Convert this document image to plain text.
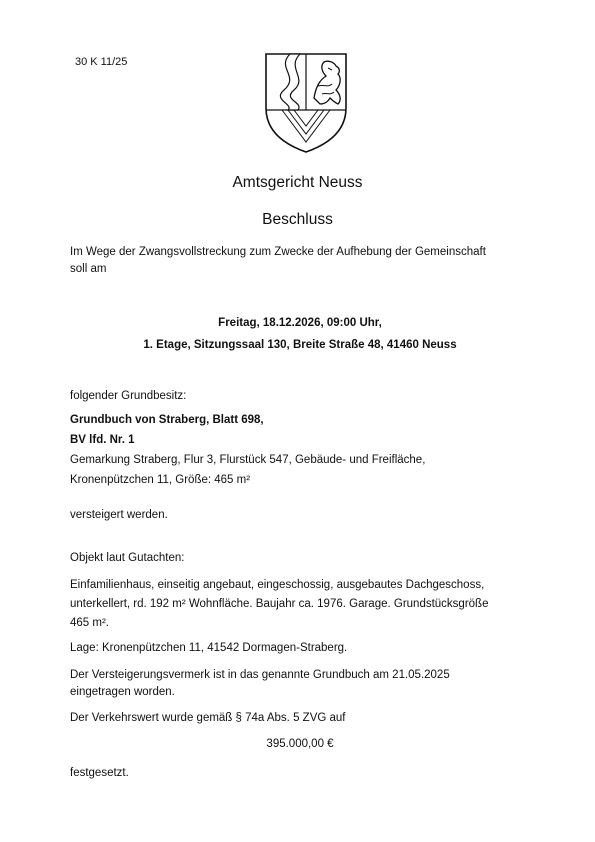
30 K 11/25
Amtsgericht Neuss
Beschluss
Im Wege der Zwangsvollstreckung zum Zwecke der Aufhebung der Gemeinschaft
soll am
Freitag, 18.12.2026, 09:00 Uhr,
1. Etage, Sitzungssaal 130, Breite Straße 48, 41460 Neuss
folgender Grundbesitz:
Grundbuch von Straberg, Blatt 698,
BV lfd. Nr. 1
Gemarkung Straberg, Flur 3, Flurstück 547, Gebäude- und Freifläche,
Kronenpützchen 11, Größe: 465 m²
versteigert werden.
Objekt laut Gutachten:
Einfamilienhaus, einseitig angebaut, eingeschossig, ausgebautes Dachgeschoss,
unterkellert, rd. 192 m² Wohnfläche. Baujahr ca. 1976. Garage. Grundstücksgröße
465 m².
Lage: Kronenpützchen 11, 41542 Dormagen-Straberg.
Der Versteigerungsvermerk ist in das genannte Grundbuch am 21.05.2025
eingetragen worden.
Der Verkehrswert wurde gemäß § 74a Abs. 5 ZVG auf
395.000,00 €
festgesetzt.
